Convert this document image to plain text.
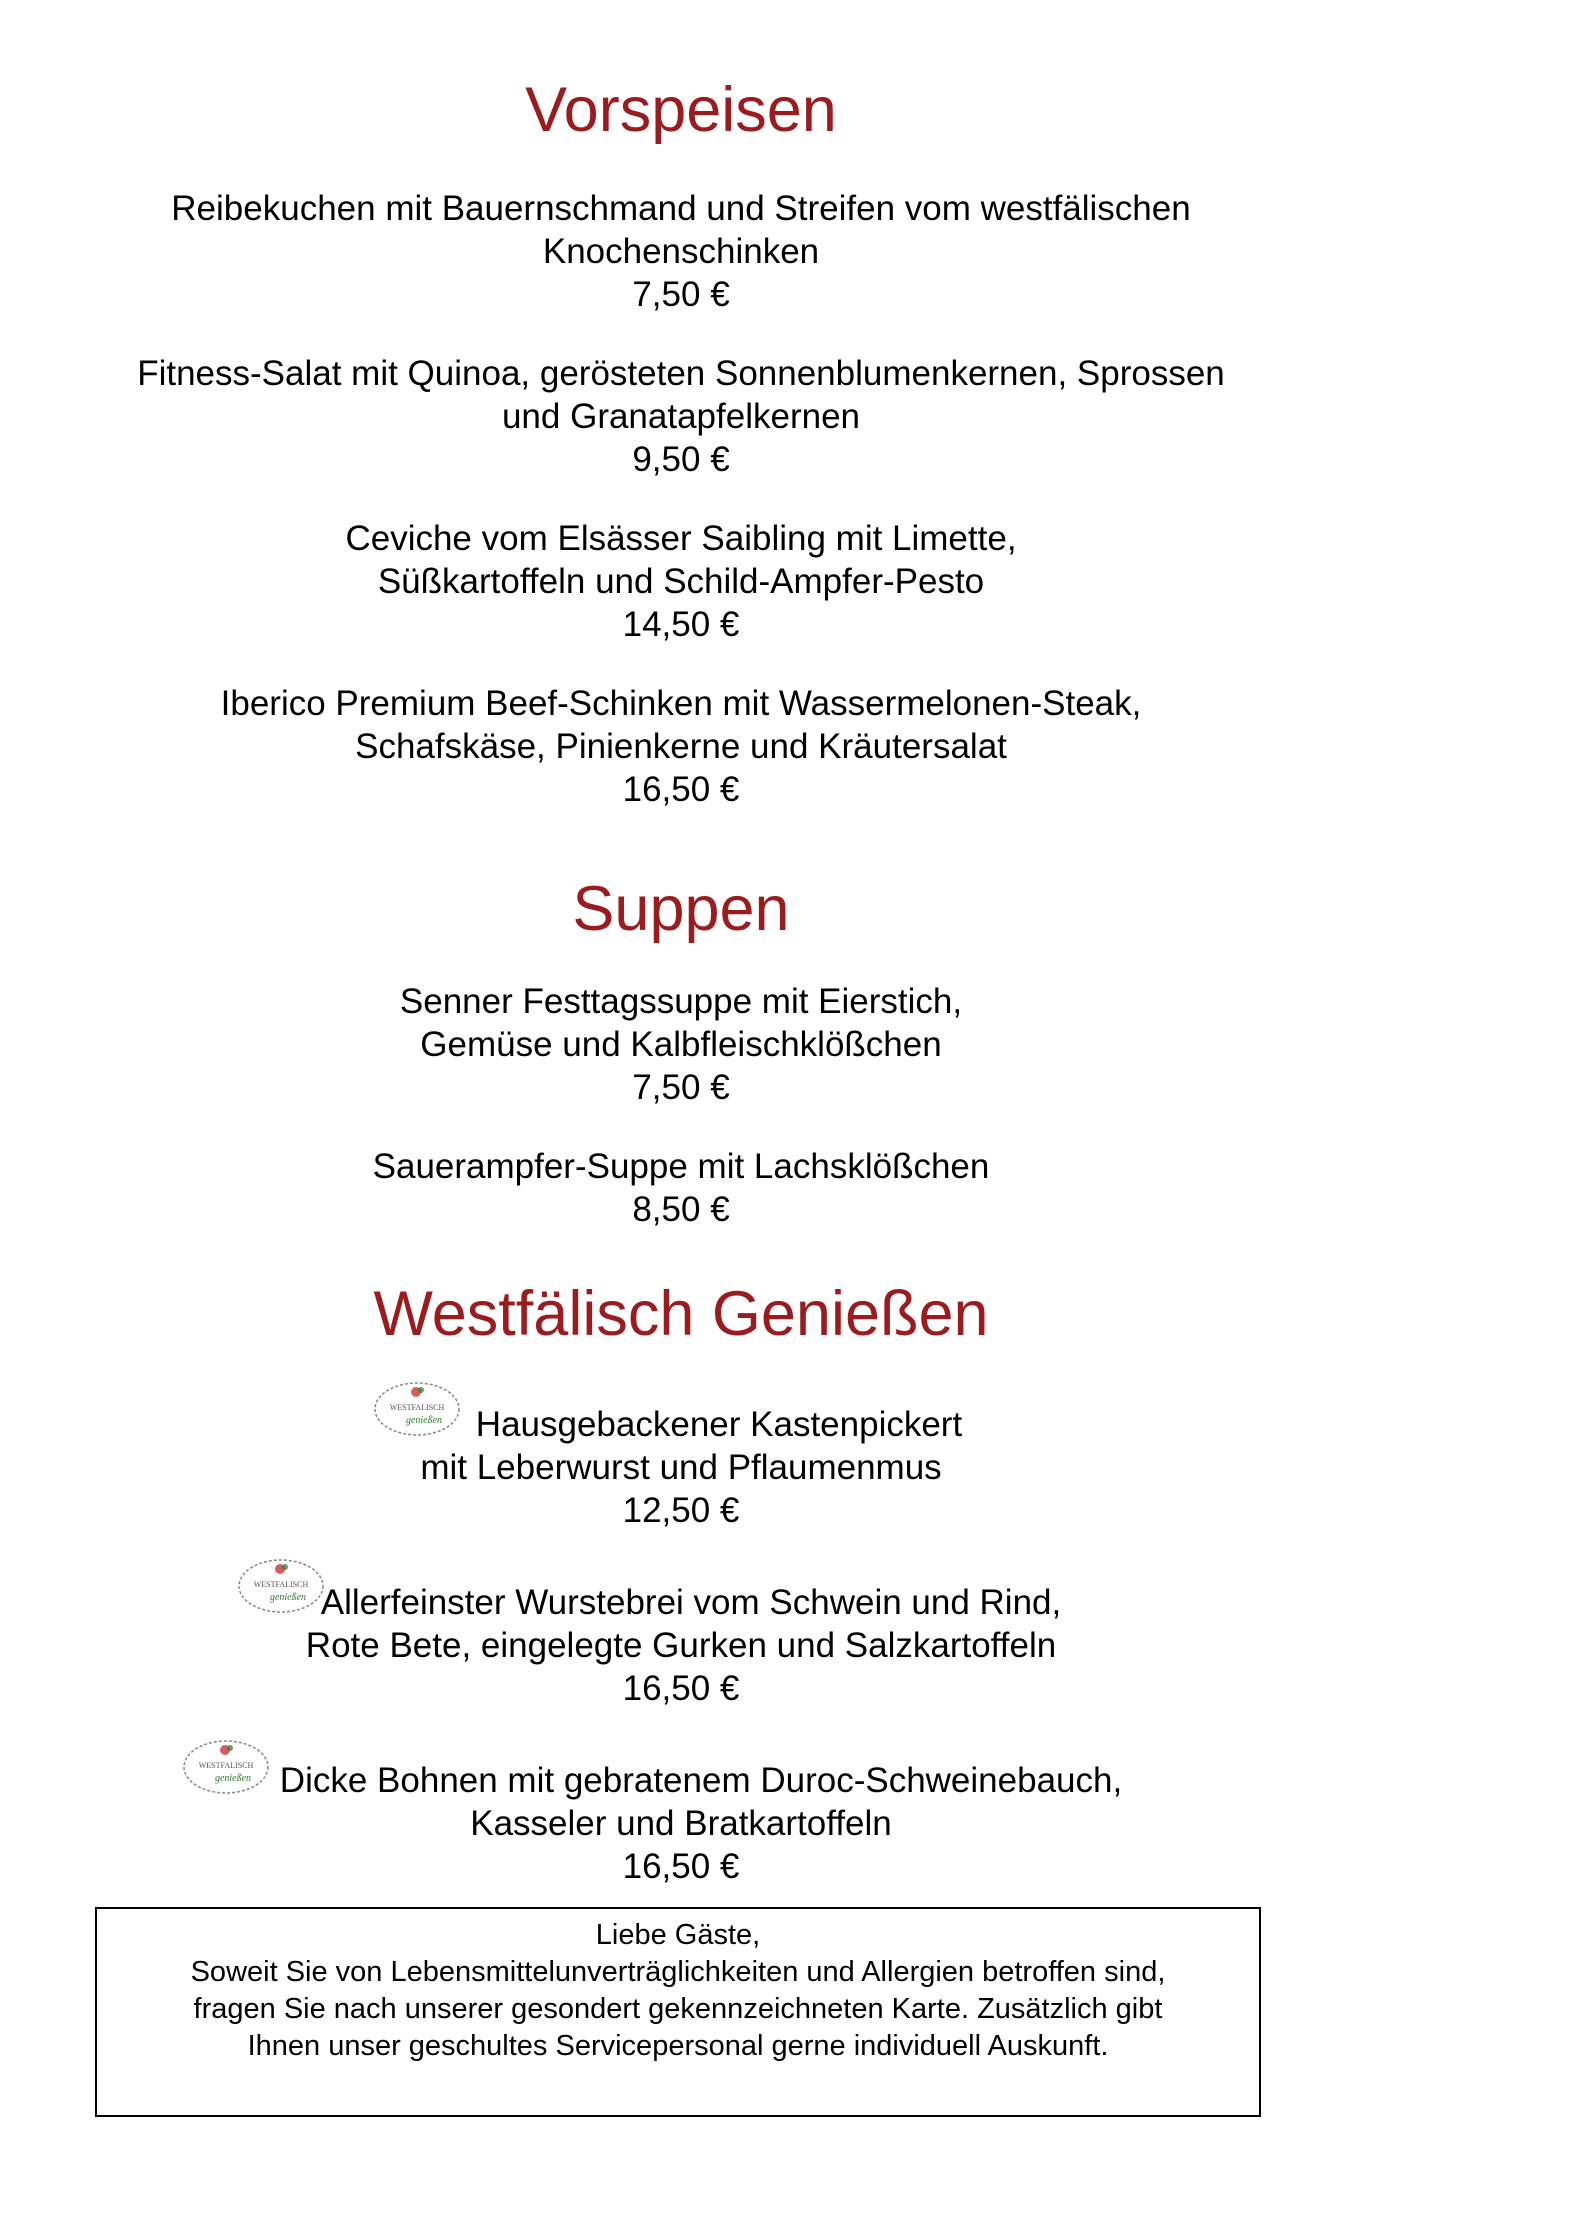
Vorspeisen
Reibekuchen mit Bauernschmand und Streifen vom westfälischen
Knochenschinken
7,50 €
Fitness-Salat mit Quinoa, gerösteten Sonnenblumenkernen, Sprossen
und Granatapfelkernen
9,50 €
Ceviche vom Elsässer Saibling mit Limette,
Süßkartoffeln und Schild-Ampfer-Pesto
14,50 €
Iberico Premium Beef-Schinken mit Wassermelonen-Steak,
Schafskäse, Pinienkerne und Kräutersalat
16,50 €
Suppen
Senner Festtagssuppe mit Eierstich,
Gemüse und Kalbfleischklößchen
7,50 €
Sauerampfer-Suppe mit Lachsklößchen
8,50 €
Westfälisch Genießen
WESTFALISCH
genießen Hausgebackener Kastenpickert
mit Leberwurst und Pflaumenmus
12,50 €
WESTFALISCH
genießen Allerfeinster Wurstebrei vom Schwein und Rind,
Rote Bete, eingelegte Gurken und Salzkartoffeln
16,50 €
WESTFALISCH
genießen Dicke Bohnen mit gebratenem Duroc-Schweinebauch,
Kasseler und Bratkartoffeln
16,50 €
Liebe Gäste,
Soweit Sie von Lebensmittelunverträglichkeiten und Allergien betroffen sind,
fragen Sie nach unserer gesondert gekennzeichneten Karte. Zusätzlich gibt
Ihnen unser geschultes Servicepersonal gerne individuell Auskunft.
